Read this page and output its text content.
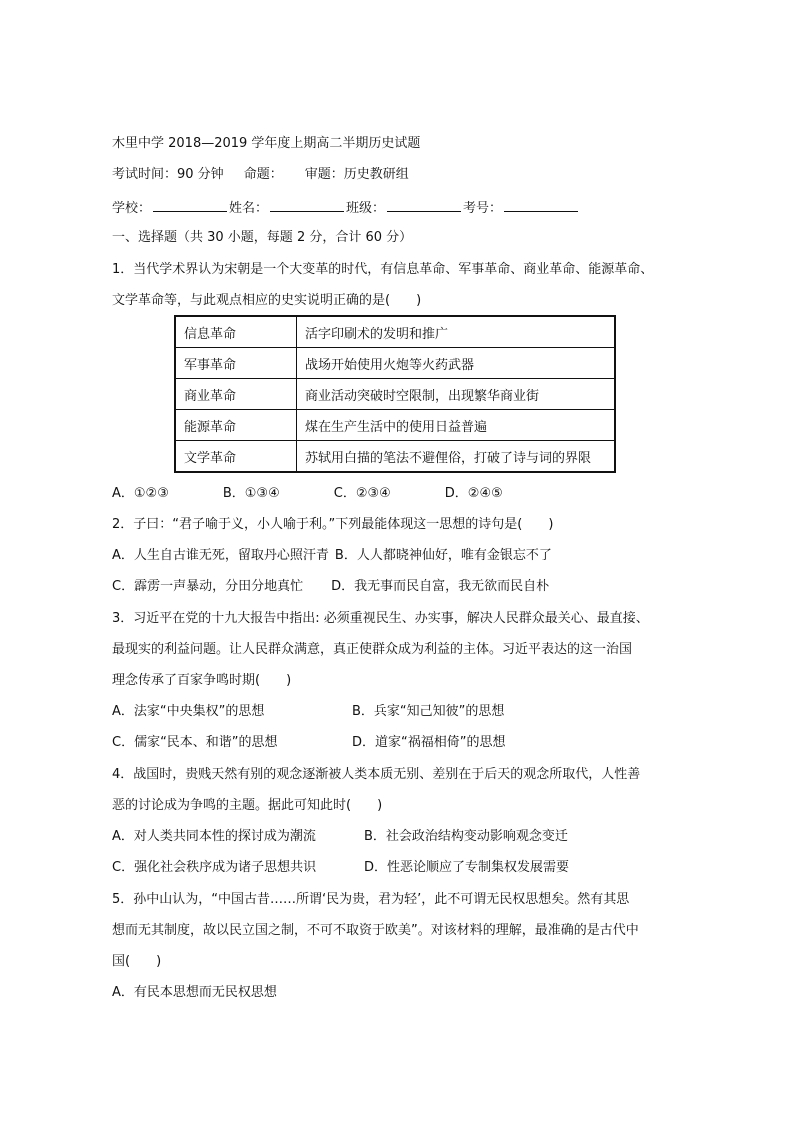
木里中学 2018—2019 学年度上期高二半期历史试题
考试时间：90 分钟 命题： 审题：历史教研组
学校：	姓名：	班级：	考号：
一、选择题（共 30 小题，每题 2 分，合计 60 分）
1．当代学术界认为宋朝是一个大变革的时代，有信息革命、军事革命、商业革命、能源革命、
文学革命等，与此观点相应的史实说明正确的是(　　)
信息革命	活字印刷术的发明和推广
军事革命	战场开始使用火炮等火药武器
商业革命	商业活动突破时空限制，出现繁华商业街
能源革命	煤在生产生活中的使用日益普遍
文学革命	苏轼用白描的笔法不避俚俗，打破了诗与词的界限
A．①②③	B．①③④	C．②③④	D．②④⑤
2．子曰：“君子喻于义，小人喻于利。”下列最能体现这一思想的诗句是(　　)
A．人生自古谁无死，留取丹心照汗青 B．人人都晓神仙好，唯有金银忘不了
C．霹雳一声暴动，分田分地真忙 D．我无事而民自富，我无欲而民自朴
3．习近平在党的十九大报告中指出: 必须重视民生、办实事，解决人民群众最关心、最直接、
最现实的利益问题。让人民群众满意，真正使群众成为利益的主体。习近平表达的这一治国
理念传承了百家争鸣时期(　　)
A．法家“中央集权”的思想	B．兵家“知己知彼”的思想
C．儒家“民本、和谐”的思想	D．道家“祸福相倚”的思想
4．战国时，贵贱天然有别的观念逐渐被人类本质无别、差别在于后天的观念所取代，人性善
恶的讨论成为争鸣的主题。据此可知此时(　　)
A．对人类共同本性的探讨成为潮流	B．社会政治结构变动影响观念变迁
C．强化社会秩序成为诸子思想共识	D．性恶论顺应了专制集权发展需要
5．孙中山认为，“中国古昔……所谓‘民为贵，君为轻’，此不可谓无民权思想矣。然有其思
想而无其制度，故以民立国之制，不可不取资于欧美”。对该材料的理解，最准确的是古代中
国(　　)
A．有民本思想而无民权思想
